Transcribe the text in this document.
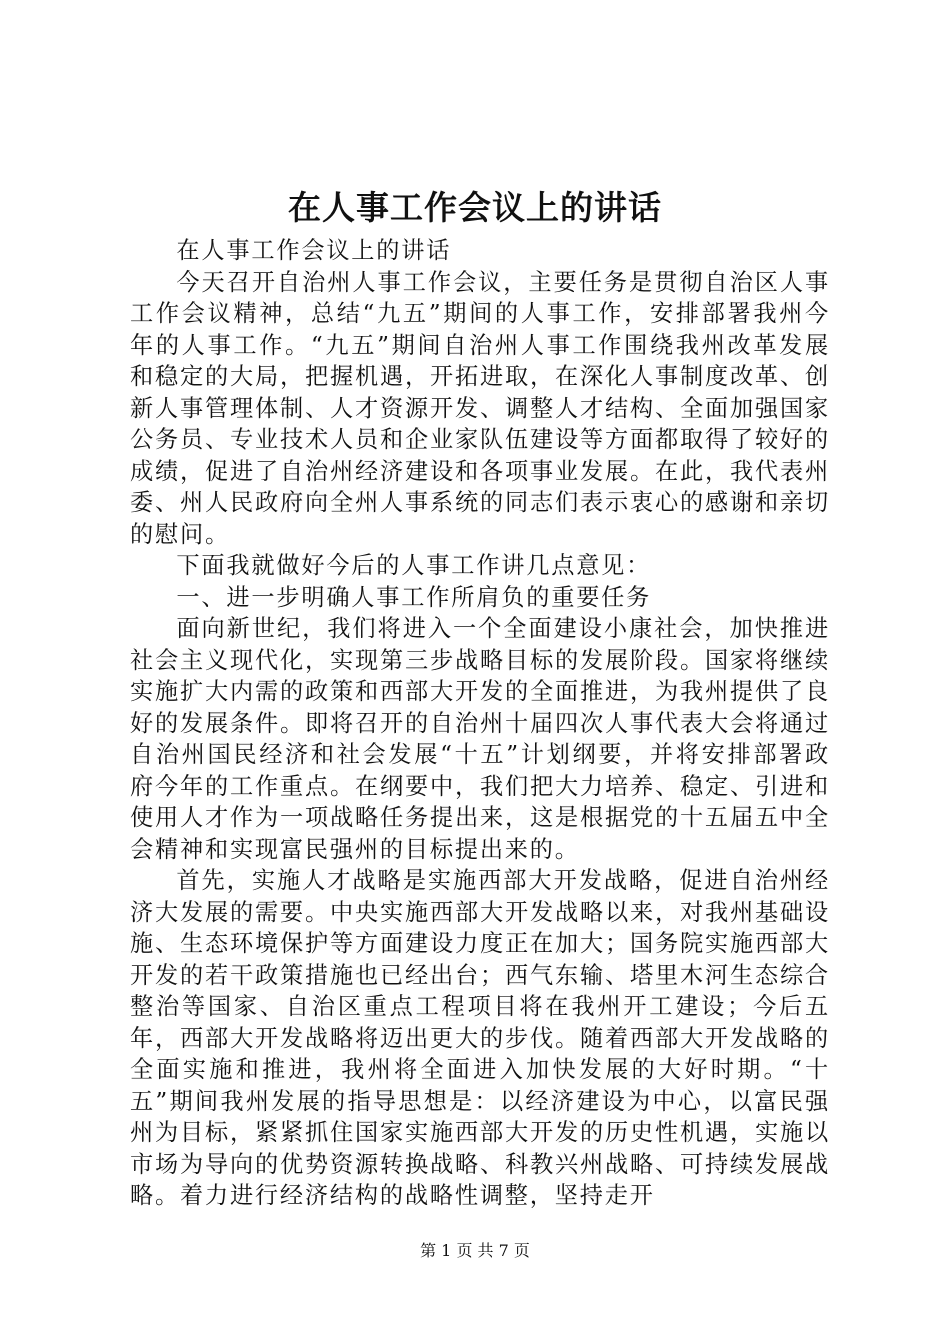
在人事工作会议上的讲话

在人事工作会议上的讲话

今天召开自治州人事工作会议，主要任务是贯彻自治区人事工作会议精神，总结“九五”期间的人事工作，安排部署我州今年的人事工作。“九五”期间自治州人事工作围绕我州改革发展和稳定的大局，把握机遇，开拓进取，在深化人事制度改革、创新人事管理体制、人才资源开发、调整人才结构、全面加强国家公务员、专业技术人员和企业家队伍建设等方面都取得了较好的成绩，促进了自治州经济建设和各项事业发展。在此，我代表州委、州人民政府向全州人事系统的同志们表示衷心的感谢和亲切的慰问。

下面我就做好今后的人事工作讲几点意见：

一、进一步明确人事工作所肩负的重要任务

面向新世纪，我们将进入一个全面建设小康社会，加快推进社会主义现代化，实现第三步战略目标的发展阶段。国家将继续实施扩大内需的政策和西部大开发的全面推进，为我州提供了良好的发展条件。即将召开的自治州十届四次人事代表大会将通过自治州国民经济和社会发展“十五”计划纲要，并将安排部署政府今年的工作重点。在纲要中，我们把大力培养、稳定、引进和使用人才作为一项战略任务提出来，这是根据党的十五届五中全会精神和实现富民强州的目标提出来的。

首先，实施人才战略是实施西部大开发战略，促进自治州经济大发展的需要。中央实施西部大开发战略以来，对我州基础设施、生态环境保护等方面建设力度正在加大；国务院实施西部大开发的若干政策措施也已经出台；西气东输、塔里木河生态综合整治等国家、自治区重点工程项目将在我州开工建设；今后五年，西部大开发战略将迈出更大的步伐。随着西部大开发战略的全面实施和推进，我州将全面进入加快发展的大好时期。“十五”期间我州发展的指导思想是：以经济建设为中心，以富民强州为目标，紧紧抓住国家实施西部大开发的历史性机遇，实施以市场为导向的优势资源转换战略、科教兴州战略、可持续发展战略。着力进行经济结构的战略性调整，坚持走开

第 1 页 共 7 页
